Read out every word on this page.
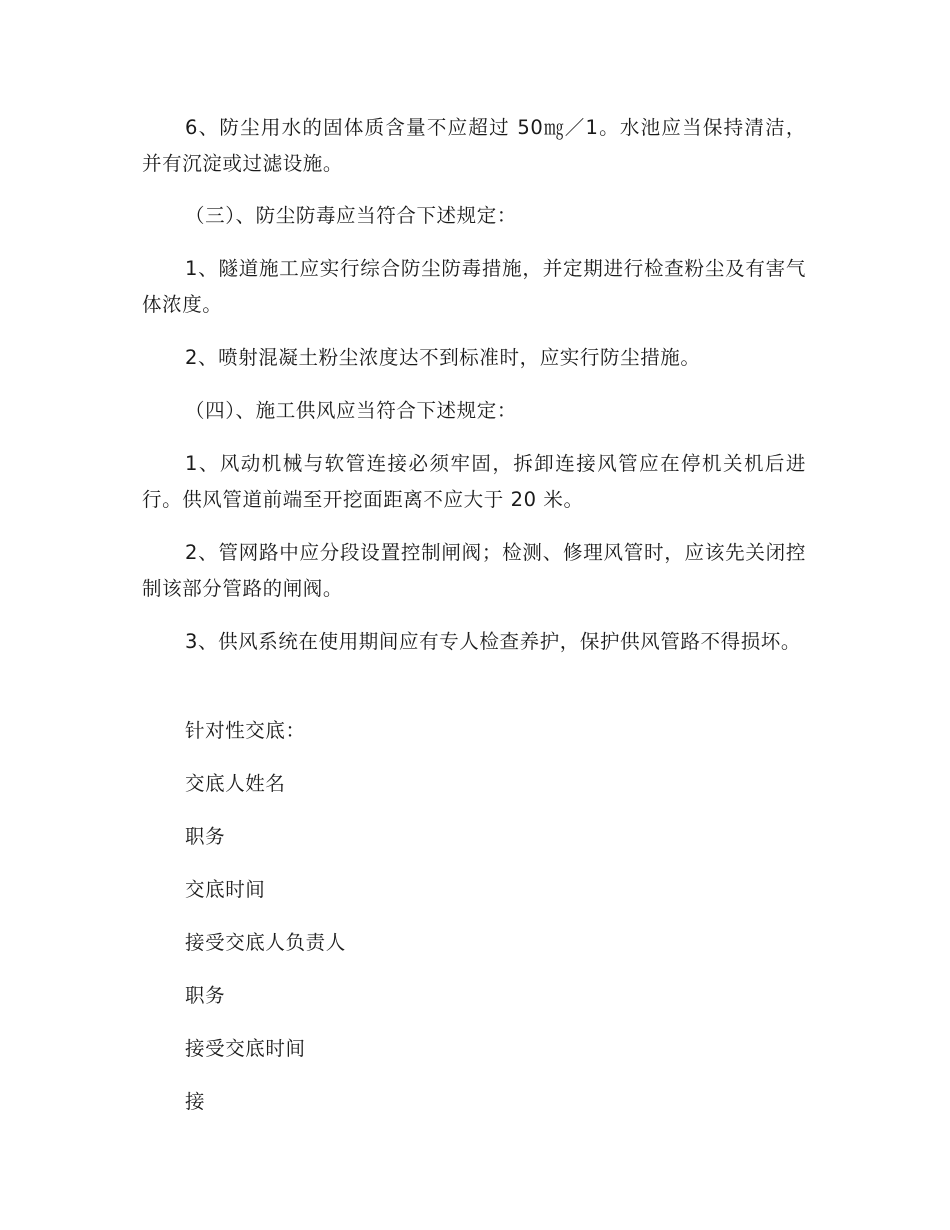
6、防尘用水的固体质含量不应超过 50㎎／1。水池应当保持清洁，并有沉淀或过滤设施。

（三）、防尘防毒应当符合下述规定：

1、隧道施工应实行综合防尘防毒措施，并定期进行检查粉尘及有害气体浓度。

2、喷射混凝土粉尘浓度达不到标准时，应实行防尘措施。

（四）、施工供风应当符合下述规定：

1、风动机械与软管连接必须牢固，拆卸连接风管应在停机关机后进行。供风管道前端至开挖面距离不应大于 20 米。

2、管网路中应分段设置控制闸阀；检测、修理风管时，应该先关闭控制该部分管路的闸阀。

3、供风系统在使用期间应有专人检查养护，保护供风管路不得损坏。

针对性交底：

交底人姓名

职务

交底时间

接受交底人负责人

职务

接受交底时间

接
